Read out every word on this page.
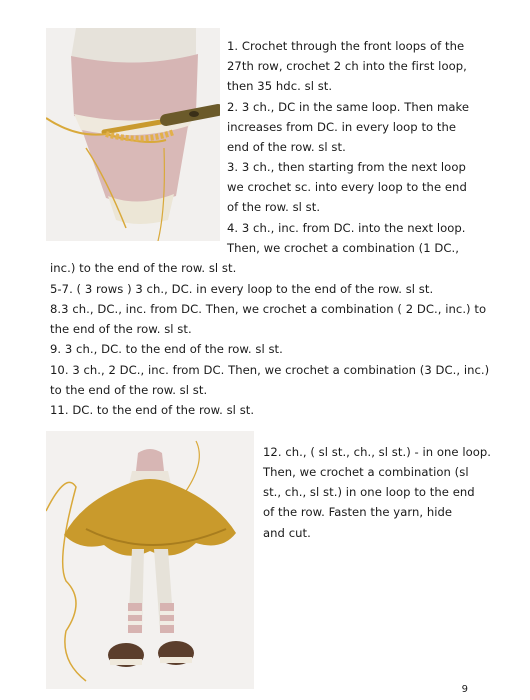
1. Crochet through the front loops of the
27th row, crochet 2 ch into the first loop,
then 35 hdc. sl st.
2. 3 ch., DC in the same loop. Then make
increases from DC. in every loop to the
end of the row. sl st.
3. 3 ch., then starting from the next loop
we crochet sc. into every loop to the end
of the row. sl st.
4. 3 ch., inc. from DC. into the next loop.
Then, we crochet a combination (1 DC.,
inc.) to the end of the row. sl st.
5-7. ( 3 rows ) 3 ch., DC. in every loop to the end of the row. sl st.
8.3 ch., DC., inc. from DC. Then, we crochet a combination ( 2 DC., inc.) to
the end of the row. sl st.
9. 3 ch., DC. to the end of the row. sl st.
10. 3 ch., 2 DC., inc. from DC. Then, we crochet a combination (3 DC., inc.)
to the end of the row. sl st.
11. DC. to the end of the row. sl st.
12. ch., ( sl st., ch., sl st.) - in one loop.
Then, we crochet a combination (sl
st., ch., sl st.) in one loop to the end
of the row. Fasten the yarn, hide
and cut.
9
